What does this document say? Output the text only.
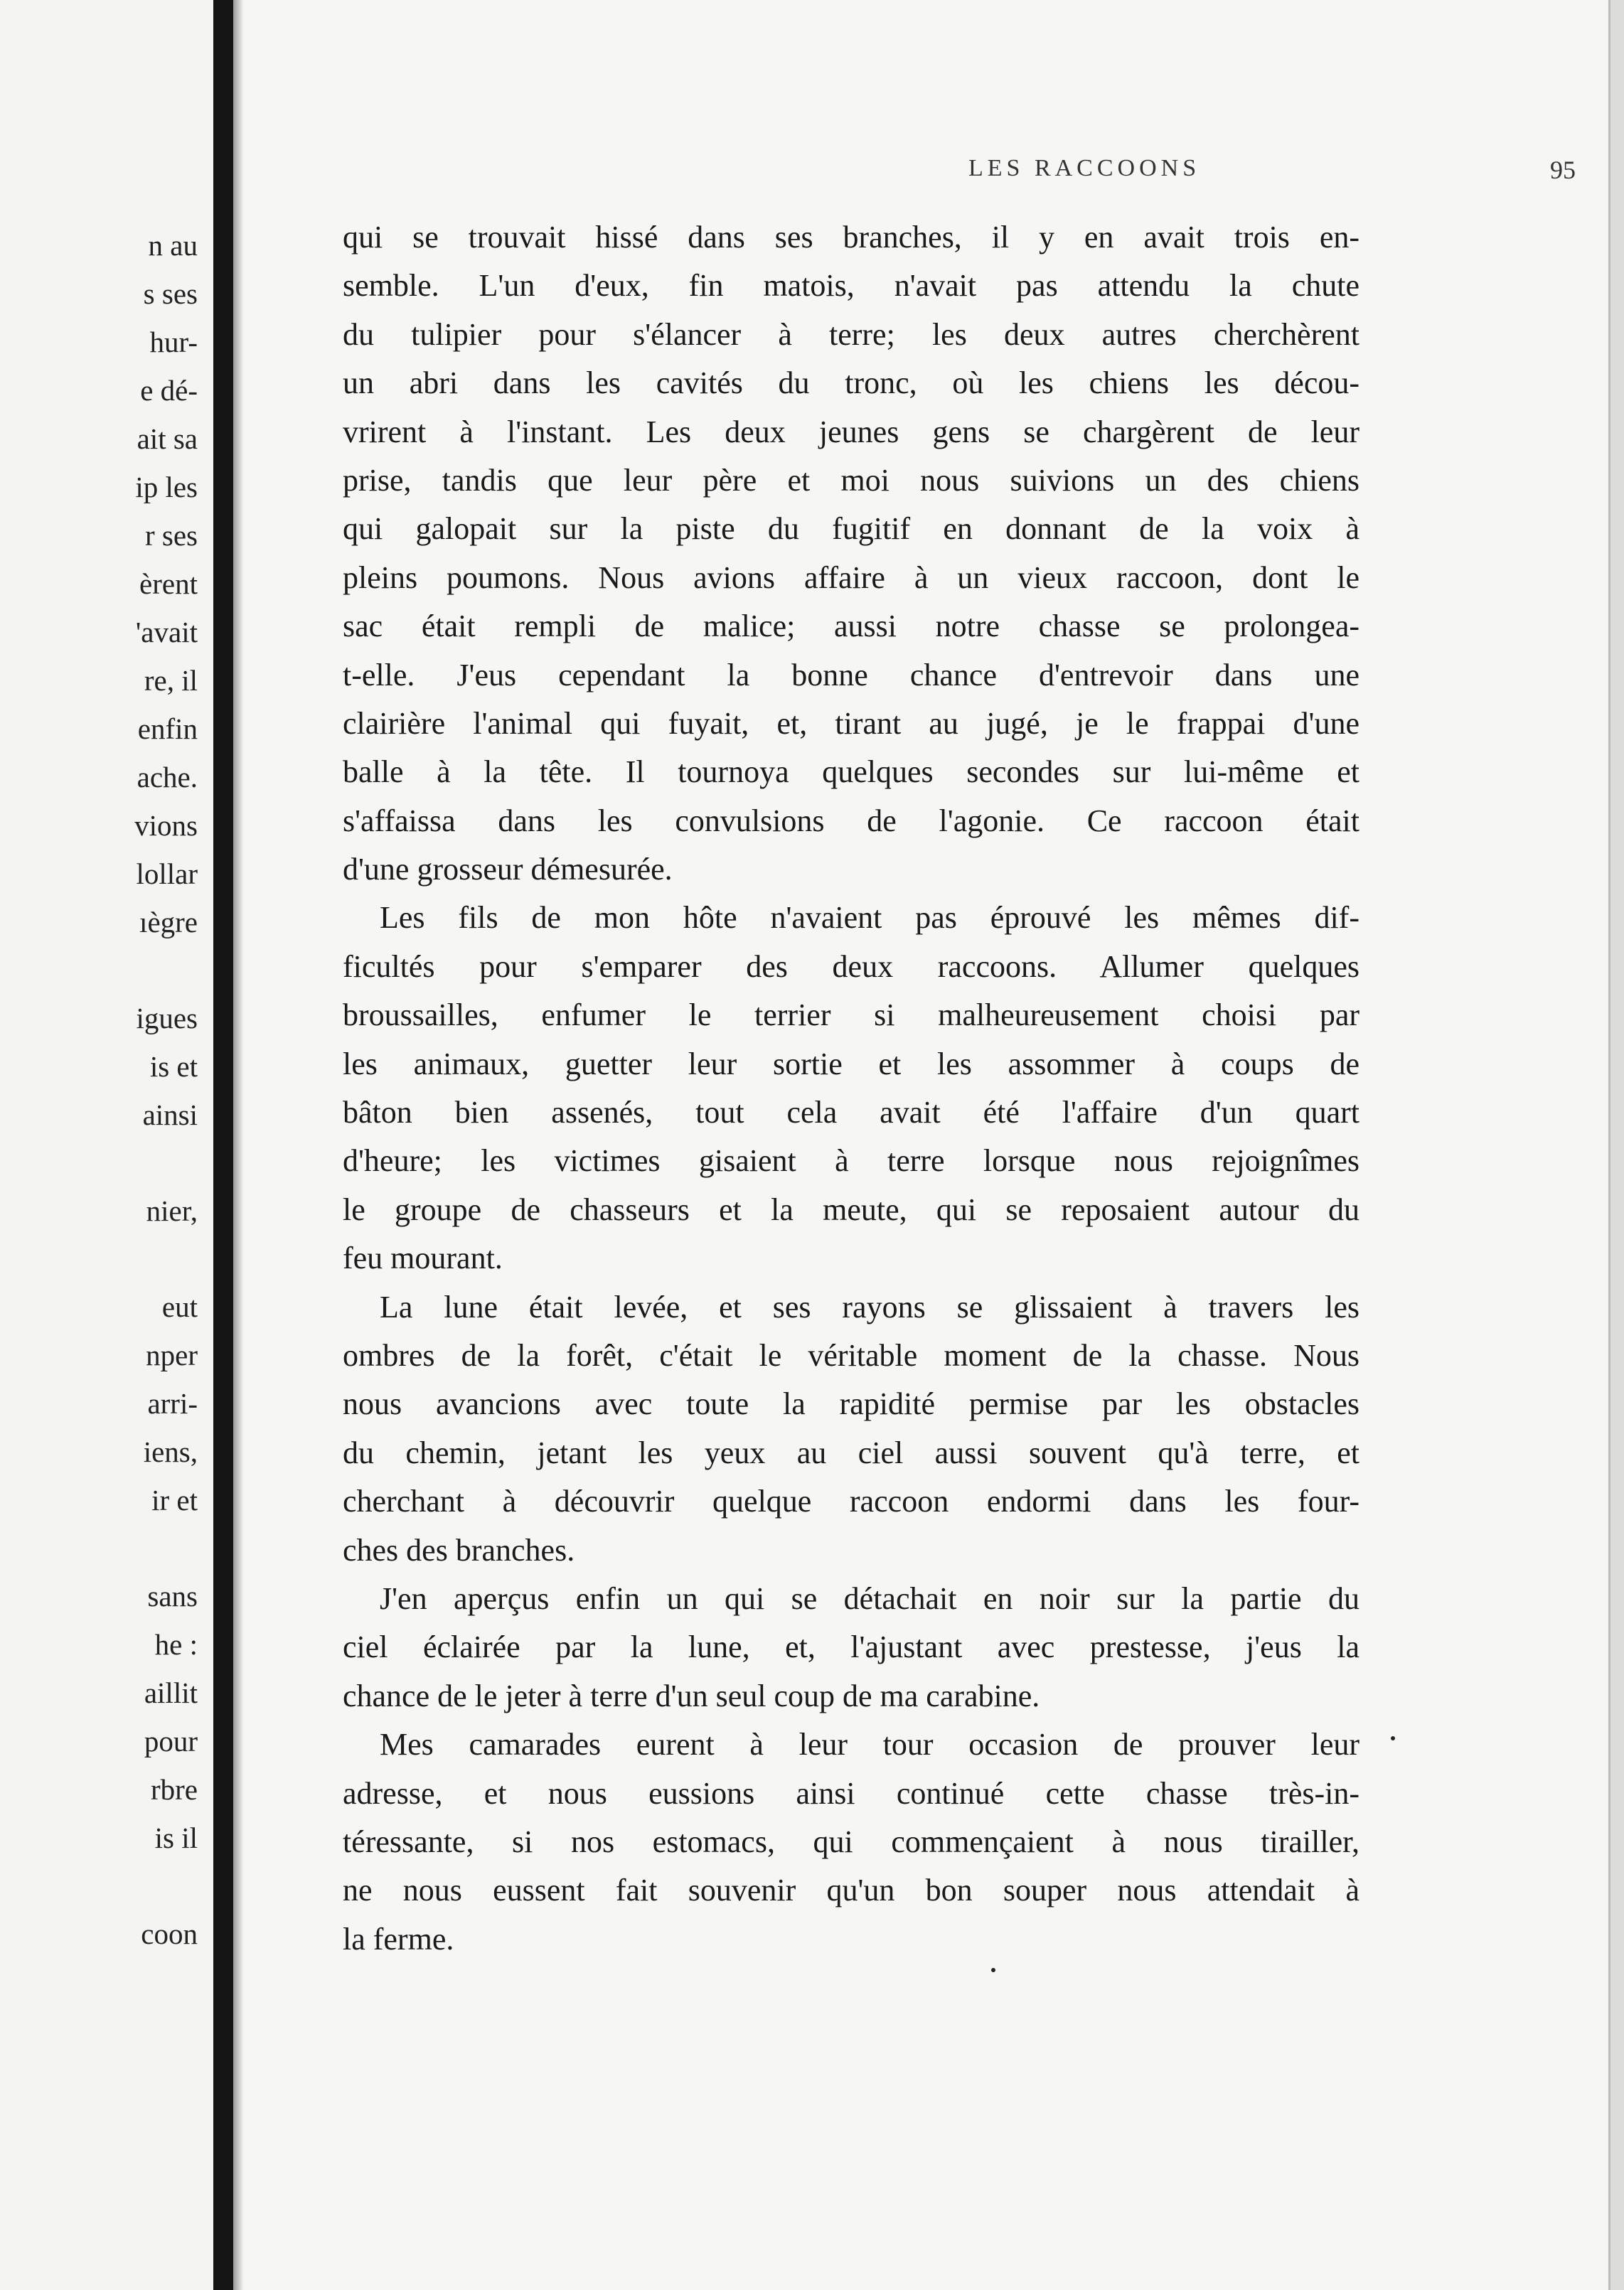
n au
s ses
hur-
e dé-
ait sa
ip les
r ses
èrent
'avait
re, il
enfin
ache.
vions
lollar
ıègre
igues
is et
ainsi
nier,
eut
nper
arri-
iens,
ir et
sans
he :
aillit
pour
rbre
is il
coon
LES RACCOONS	95
qui se trouvait hissé dans ses branches, il y en avait trois en-
semble. L'un d'eux, fin matois, n'avait pas attendu la chute
du tulipier pour s'élancer à terre; les deux autres cherchèrent
un abri dans les cavités du tronc, où les chiens les décou-
vrirent à l'instant. Les deux jeunes gens se chargèrent de leur
prise, tandis que leur père et moi nous suivions un des chiens
qui galopait sur la piste du fugitif en donnant de la voix à
pleins poumons. Nous avions affaire à un vieux raccoon, dont le
sac était rempli de malice; aussi notre chasse se prolongea-
t-elle. J'eus cependant la bonne chance d'entrevoir dans une
clairière l'animal qui fuyait, et, tirant au jugé, je le frappai d'une
balle à la tête. Il tournoya quelques secondes sur lui-même et
s'affaissa dans les convulsions de l'agonie. Ce raccoon était
d'une grosseur démesurée.
Les fils de mon hôte n'avaient pas éprouvé les mêmes dif-
ficultés pour s'emparer des deux raccoons. Allumer quelques
broussailles, enfumer le terrier si malheureusement choisi par
les animaux, guetter leur sortie et les assommer à coups de
bâton bien assenés, tout cela avait été l'affaire d'un quart
d'heure; les victimes gisaient à terre lorsque nous rejoignîmes
le groupe de chasseurs et la meute, qui se reposaient autour du
feu mourant.
La lune était levée, et ses rayons se glissaient à travers les
ombres de la forêt, c'était le véritable moment de la chasse. Nous
nous avancions avec toute la rapidité permise par les obstacles
du chemin, jetant les yeux au ciel aussi souvent qu'à terre, et
cherchant à découvrir quelque raccoon endormi dans les four-
ches des branches.
J'en aperçus enfin un qui se détachait en noir sur la partie du
ciel éclairée par la lune, et, l'ajustant avec prestesse, j'eus la
chance de le jeter à terre d'un seul coup de ma carabine.
Mes camarades eurent à leur tour occasion de prouver leur
adresse, et nous eussions ainsi continué cette chasse très-in-
téressante, si nos estomacs, qui commençaient à nous tirailler,
ne nous eussent fait souvenir qu'un bon souper nous attendait à
la ferme.
